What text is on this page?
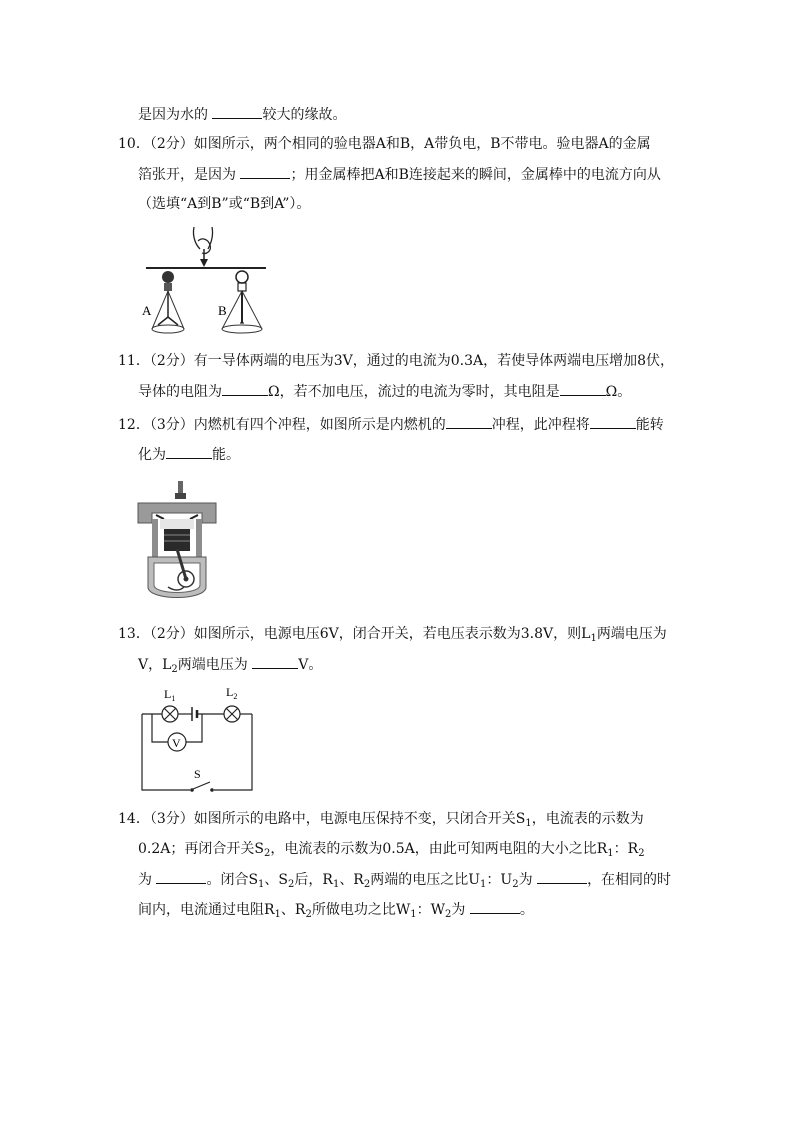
是因为水的	较大的缘故。
10．（2分）如图所示，两个相同的验电器A和B，A带负电，B不带电。验电器A的金属
箔张开，是因为	；用金属棒把A和B连接起来的瞬间，金属棒中的电流方向从
（选填“A到B”或“B到A”）。
A	B
11．（2分）有一导体两端的电压为3V，通过的电流为0.3A，若使导体两端电压增加8伏，
导体的电阻为	Ω，若不加电压，流过的电流为零时，其电阻是	Ω。
12．（3分）内燃机有四个冲程，如图所示是内燃机的	冲程，此冲程将	能转
化为	能。
13．（2分）如图所示，电源电压6V，闭合开关，若电压表示数为3.8V，则$L_1$两端电压为
V，$L_2$两端电压为	V。
V
S
$L_1$	$L_2$
14．（3分）如图所示的电路中，电源电压保持不变，只闭合开关$S_1$，电流表的示数为
0.2A；再闭合开关$S_2$，电流表的示数为0.5A，由此可知两电阻的大小之比$R_1$：$R_2$
为	。闭合$S_1$、$S_2$后，$R_1$、$R_2$两端的电压之比$U_1$：$U_2$为	，在相同的时
间内，电流通过电阻$R_1$、$R_2$所做电功之比$W_1$：$W_2$为	。
